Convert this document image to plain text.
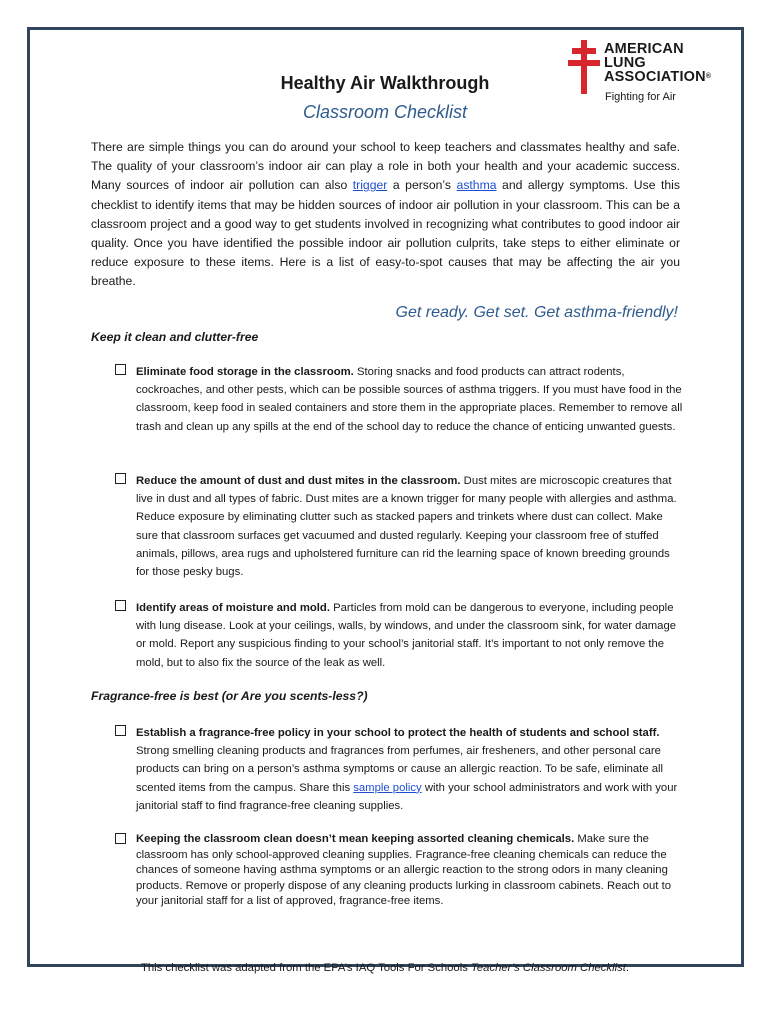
AMERICAN
LUNG
ASSOCIATION®
Fighting for Air
Healthy Air Walkthrough
Classroom Checklist

There are simple things you can do around your school to keep teachers and classmates healthy and safe. The quality of your classroom’s indoor air can play a role in both your health and your academic success. Many sources of indoor air pollution can also trigger a person’s asthma and allergy symptoms. Use this checklist to identify items that may be hidden sources of indoor air pollution in your classroom. This can be a classroom project and a good way to get students involved in recognizing what contributes to good indoor air quality. Once you have identified the possible indoor air pollution culprits, take steps to either eliminate or reduce exposure to these items. Here is a list of easy-to-spot causes that may be affecting the air you breathe.

Get ready. Get set. Get asthma-friendly!
Keep it clean and clutter-free

Eliminate food storage in the classroom. Storing snacks and food products can attract rodents, cockroaches, and other pests, which can be possible sources of asthma triggers. If you must have food in the classroom, keep food in sealed containers and store them in the appropriate places. Remember to remove all trash and clean up any spills at the end of the school day to reduce the chance of enticing unwanted guests.

Reduce the amount of dust and dust mites in the classroom. Dust mites are microscopic creatures that live in dust and all types of fabric. Dust mites are a known trigger for many people with allergies and asthma. Reduce exposure by eliminating clutter such as stacked papers and trinkets where dust can collect. Make sure that classroom surfaces get vacuumed and dusted regularly. Keeping your classroom free of stuffed animals, pillows, area rugs and upholstered furniture can rid the learning space of known breeding grounds for those pesky bugs.

Identify areas of moisture and mold. Particles from mold can be dangerous to everyone, including people with lung disease. Look at your ceilings, walls, by windows, and under the classroom sink, for water damage or mold. Report any suspicious finding to your school’s janitorial staff. It’s important to not only remove the mold, but to also fix the source of the leak as well.

Fragrance-free is best (or Are you scents-less?)

Establish a fragrance-free policy in your school to protect the health of students and school staff. Strong smelling cleaning products and fragrances from perfumes, air fresheners, and other personal care products can bring on a person’s asthma symptoms or cause an allergic reaction. To be safe, eliminate all scented items from the campus. Share this sample policy with your school administrators and work with your janitorial staff to find fragrance-free cleaning supplies.

Keeping the classroom clean doesn’t mean keeping assorted cleaning chemicals. Make sure the classroom has only school-approved cleaning supplies. Fragrance-free cleaning chemicals can reduce the chances of someone having asthma symptoms or an allergic reaction to the strong odors in many cleaning products. Remove or properly dispose of any cleaning products lurking in classroom cabinets. Reach out to your janitorial staff for a list of approved, fragrance-free items.

This checklist was adapted from the EPA’s IAQ Tools For Schools Teacher’s Classroom Checklist.
